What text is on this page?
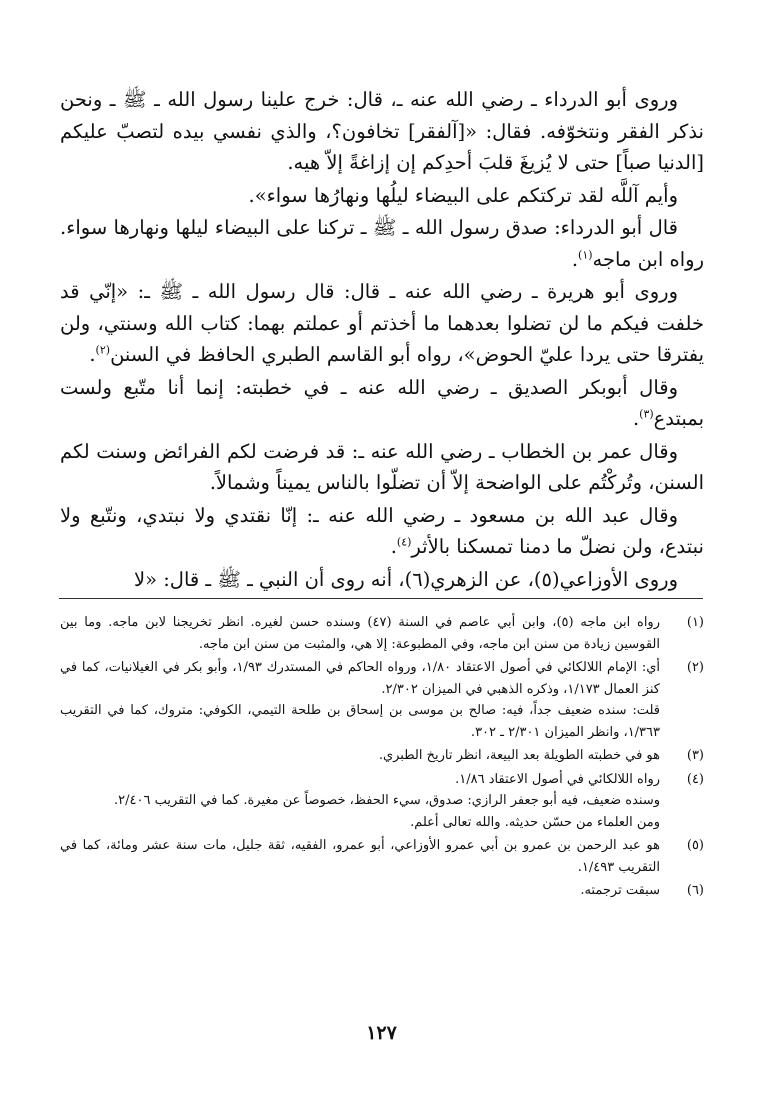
وروى أبو الدرداء ـ رضي الله عنه ـ، قال: خرج علينا رسول الله ـ ﷺ ـ ونحن نذكر الفقر ونتخوّفه. فقال: «[آلفقر] تخافون؟، والذي نفسي بيده لتصبّ عليكم [الدنيا صباً] حتى لا يُزيغَ قلبَ أحدِكم إن إزاغةً إلاّ هيه.

وأيم آللَّه لقد تركتكم على البيضاء ليلُها ونهارُها سواء».

قال أبو الدرداء: صدق رسول الله ـ ﷺ ـ تركنا على البيضاء ليلها ونهارها سواء. رواه ابن ماجه$^{(١)}$.

وروى أبو هريرة ـ رضي الله عنه ـ قال: قال رسول الله ـ ﷺ ـ: «إنّي قد خلفت فيكم ما لن تضلوا بعدهما ما أخذتم أو عملتم بهما: كتاب الله وسنتي، ولن يفترقا حتى يردا عليّ الحوض»، رواه أبو القاسم الطبري الحافظ في السنن$^{(٢)}$.

وقال أبوبكر الصديق ـ رضي الله عنه ـ في خطبته: إنما أنا متّبع ولست بمبتدع$^{(٣)}$.

وقال عمر بن الخطاب ـ رضي الله عنه ـ: قد فرضت لكم الفرائض وسنت لكم السنن، وتُركْتُم على الواضحة إلاّ أن تضلّوا بالناس يميناً وشمالاً.

وقال عبد الله بن مسعود ـ رضي الله عنه ـ: إنّا نقتدي ولا نبتدي، ونتّبع ولا نبتدع، ولن نضلّ ما دمنا تمسكنا بالأثر$^{(٤)}$.

وروى الأوزاعي(٥)، عن الزهري(٦)، أنه روى أن النبي ـ ﷺ ـ قال: «لا

(١)

رواه ابن ماجه (٥)، وابن أبي عاصم في السنة (٤٧) وسنده حسن لغيره. انظر تخريجنا لابن ماجه. وما بين القوسين زيادة من سنن ابن ماجه، وفي المطبوعة: إلا هي، والمثبت من سنن ابن ماجه.

(٢)

أي: الإمام اللالكائي في أصول الاعتقاد ١/٨٠، ورواه الحاكم في المستدرك ١/٩٣، وأبو بكر في الغيلانيات، كما في كنز العمال ١/١٧٣، وذكره الذهبي في الميزان ٢/٣٠٢.

قلت: سنده ضعيف جداً، فيه: صالح بن موسى بن إسحاق بن طلحة التيمي، الكوفي: متروك، كما في التقريب ١/٣٦٣، وانظر الميزان ٢/٣٠١ ـ ٣٠٢.

(٣)

هو في خطبته الطويلة بعد البيعة، انظر تاريخ الطبري.

(٤)

رواه اللالكائي في أصول الاعتقاد ١/٨٦.

وسنده ضعيف، فيه أبو جعفر الرازي: صدوق، سيء الحفظ، خصوصاً عن مغيرة. كما في التقريب ٢/٤٠٦.

ومن العلماء من حسّن حديثه. والله تعالى أعلم.

(٥)

هو عبد الرحمن بن عمرو بن أبي عمرو الأوزاعي، أبو عمرو، الفقيه، ثقة جليل، مات سنة عشر ومائة، كما في التقريب ١/٤٩٣.

(٦)

سبقت ترجمته.

١٢٧
